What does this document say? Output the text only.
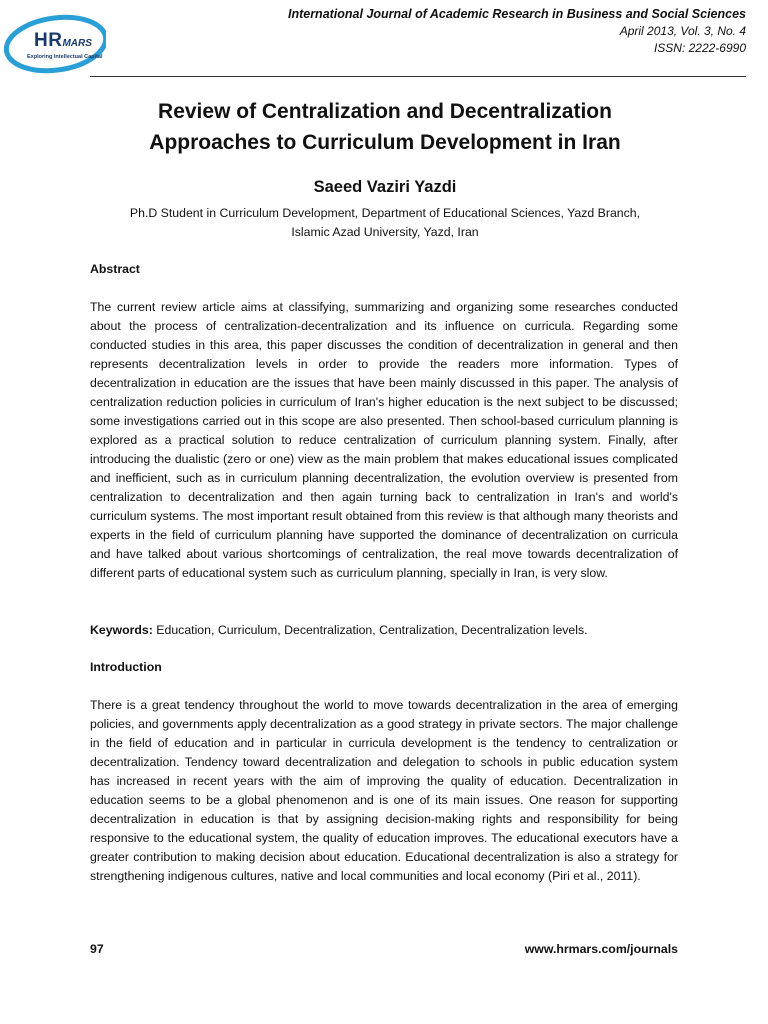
HRMARS
Exploring Intellectual Capital
International Journal of Academic Research in Business and Social Sciences
April 2013, Vol. 3, No. 4
ISSN: 2222-6990
Review of Centralization and Decentralization
Approaches to Curriculum Development in Iran
Saeed Vaziri Yazdi
Ph.D Student in Curriculum Development, Department of Educational Sciences, Yazd Branch,
Islamic Azad University, Yazd, Iran
Abstract

The current review article aims at classifying, summarizing and organizing some researches conducted about the process of centralization-decentralization and its influence on curricula. Regarding some conducted studies in this area, this paper discusses the condition of decentralization in general and then represents decentralization levels in order to provide the readers more information. Types of decentralization in education are the issues that have been mainly discussed in this paper. The analysis of centralization reduction policies in curriculum of Iran's higher education is the next subject to be discussed; some investigations carried out in this scope are also presented. Then school-based curriculum planning is explored as a practical solution to reduce centralization of curriculum planning system. Finally, after introducing the dualistic (zero or one) view as the main problem that makes educational issues complicated and inefficient, such as in curriculum planning decentralization, the evolution overview is presented from centralization to decentralization and then again turning back to centralization in Iran's and world's curriculum systems. The most important result obtained from this review is that although many theorists and experts in the field of curriculum planning have supported the dominance of decentralization on curricula and have talked about various shortcomings of centralization, the real move towards decentralization of different parts of educational system such as curriculum planning, specially in Iran, is very slow.

Keywords: Education, Curriculum, Decentralization, Centralization, Decentralization levels.

Introduction

There is a great tendency throughout the world to move towards decentralization in the area of emerging policies, and governments apply decentralization as a good strategy in private sectors. The major challenge in the field of education and in particular in curricula development is the tendency to centralization or decentralization. Tendency toward decentralization and delegation to schools in public education system has increased in recent years with the aim of improving the quality of education. Decentralization in education seems to be a global phenomenon and is one of its main issues. One reason for supporting decentralization in education is that by assigning decision-making rights and responsibility for being responsive to the educational system, the quality of education improves. The educational executors have a greater contribution to making decision about education. Educational decentralization is also a strategy for strengthening indigenous cultures, native and local communities and local economy (Piri et al., 2011).

97	www.hrmars.com/journals
